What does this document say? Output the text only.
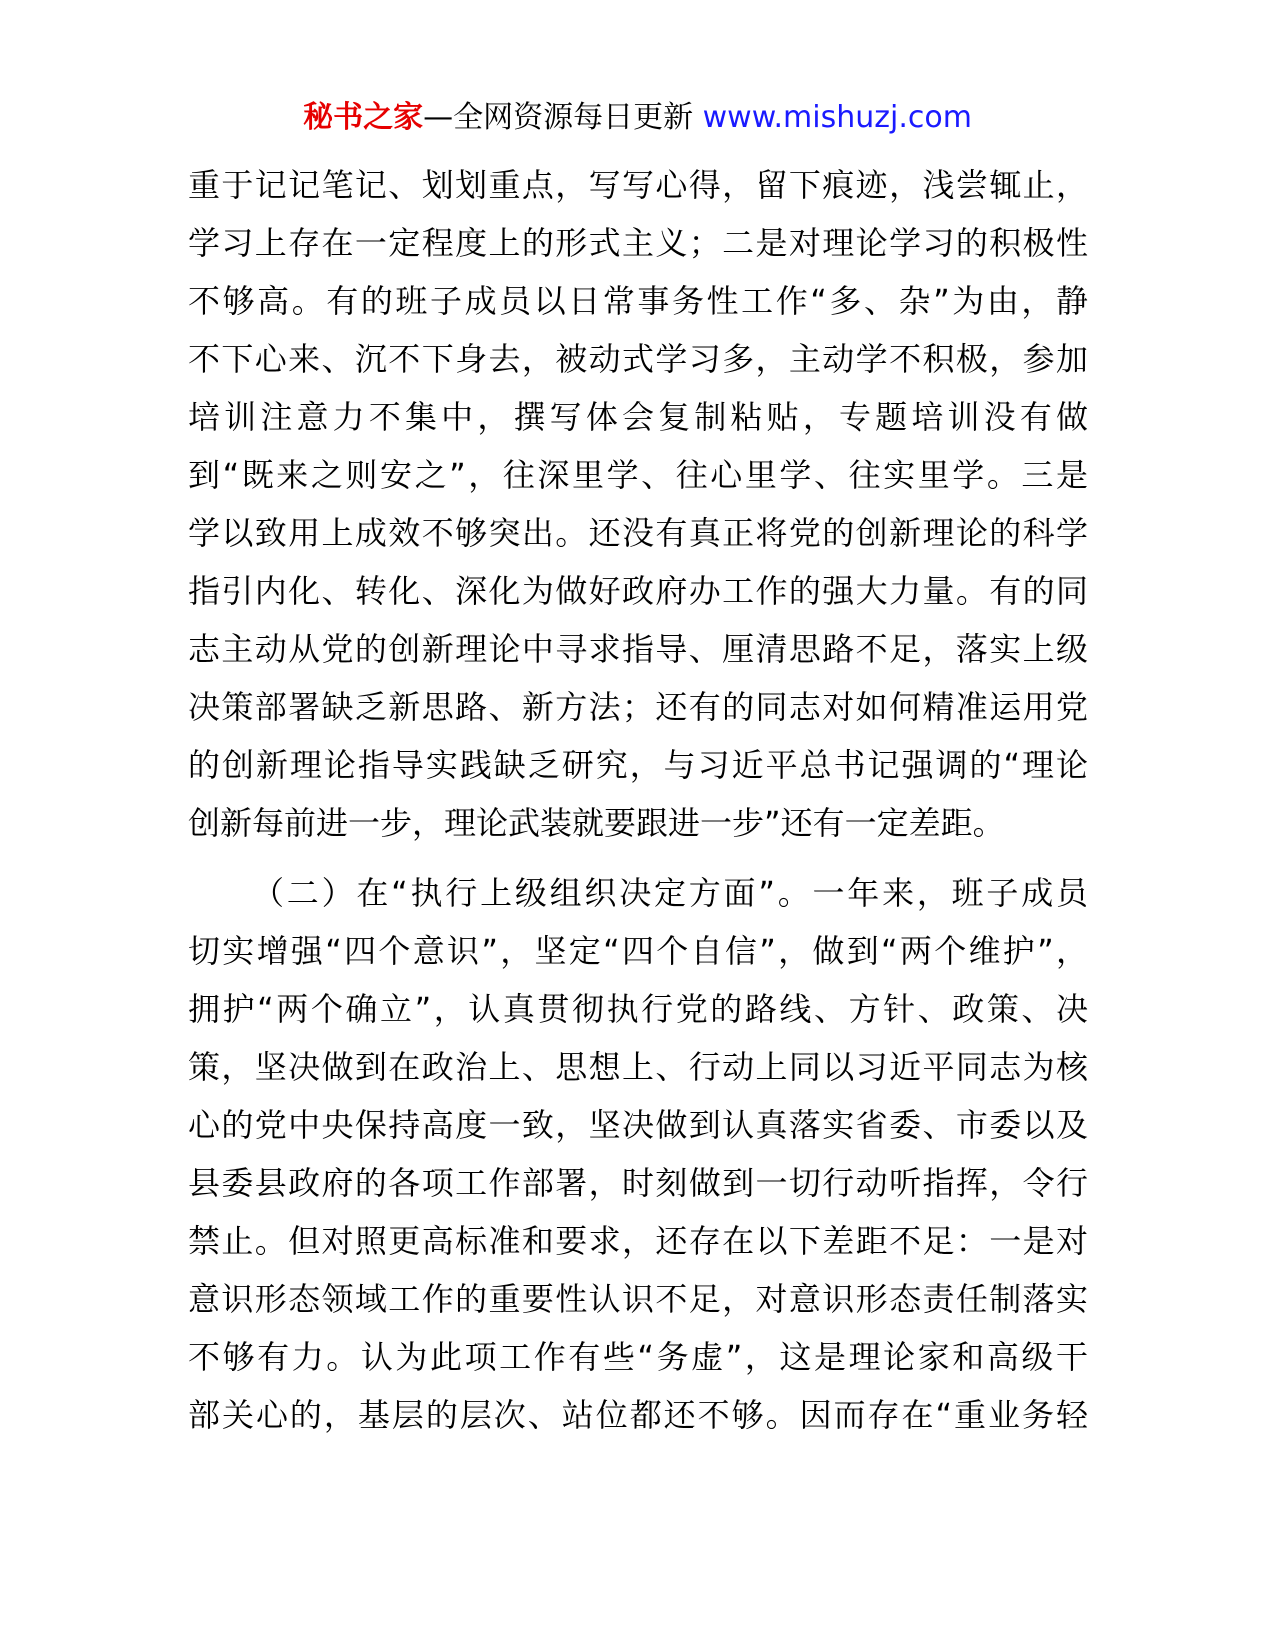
秘书之家—全网资源每日更新 www.mishuzj.com
重于记记笔记、划划重点，写写心得，留下痕迹，浅尝辄止，
学习上存在一定程度上的形式主义；二是对理论学习的积极性
不够高。有的班子成员以日常事务性工作“多、杂”为由，静
不下心来、沉不下身去，被动式学习多，主动学不积极，参加
培训注意力不集中，撰写体会复制粘贴，专题培训没有做
到“既来之则安之”，往深里学、往心里学、往实里学。三是
学以致用上成效不够突出。还没有真正将党的创新理论的科学
指引内化、转化、深化为做好政府办工作的强大力量。有的同
志主动从党的创新理论中寻求指导、厘清思路不足，落实上级
决策部署缺乏新思路、新方法；还有的同志对如何精准运用党
的创新理论指导实践缺乏研究，与习近平总书记强调的“理论
创新每前进一步，理论武装就要跟进一步”还有一定差距。
（二）在“执行上级组织决定方面”。一年来，班子成员
切实增强“四个意识”，坚定“四个自信”，做到“两个维护”，
拥护“两个确立”，认真贯彻执行党的路线、方针、政策、决
策，坚决做到在政治上、思想上、行动上同以习近平同志为核
心的党中央保持高度一致，坚决做到认真落实省委、市委以及
县委县政府的各项工作部署，时刻做到一切行动听指挥，令行
禁止。但对照更高标准和要求，还存在以下差距不足：一是对
意识形态领域工作的重要性认识不足，对意识形态责任制落实
不够有力。认为此项工作有些“务虚”，这是理论家和高级干
部关心的，基层的层次、站位都还不够。因而存在“重业务轻
